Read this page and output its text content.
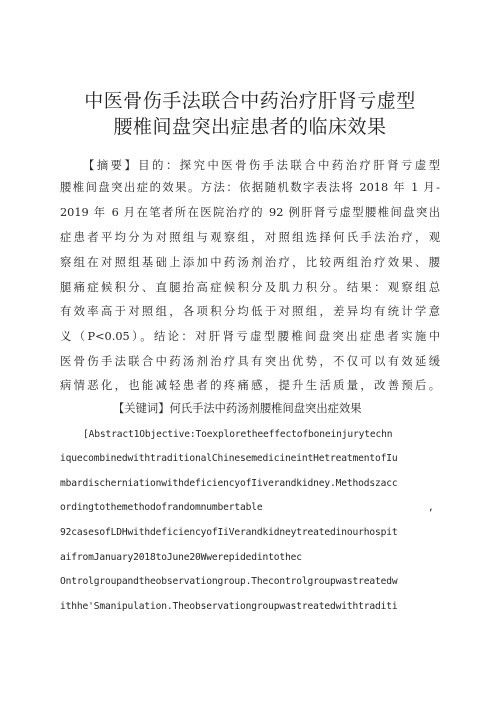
中医骨伤手法联合中药治疗肝肾亏虚型
腰椎间盘突出症患者的临床效果
【摘要】目的：探究中医骨伤手法联合中药治疗肝肾亏虚型
腰椎间盘突出症的效果。方法：依据随机数字表法将 2018 年 1 月-
2019 年 6 月在笔者所在医院治疗的 92 例肝肾亏虚型腰椎间盘突出
症患者平均分为对照组与观察组，对照组选择何氏手法治疗，观
察组在对照组基础上添加中药汤剂治疗，比较两组治疗效果、腰
腿痛症候积分、直腿抬高症候积分及肌力积分。结果：观察组总
有效率高于对照组，各项积分均低于对照组，差异均有统计学意
义（P<0.05）。结论：对肝肾亏虚型腰椎间盘突出症患者实施中
医骨伤手法联合中药汤剂治疗具有突出优势，不仅可以有效延缓
病情恶化，也能减轻患者的疼痛感，提升生活质量，改善预后。
【关键词】何氏手法中药汤剂腰椎间盘突出症效果
[Abstract1Objective:Toexploretheeffectofboneinjurytechn
iquecombinedwithtraditionalChinesemedicineintHetreatmentofIu
mbardischerniationwithdeficiencyofIiverandkidney.Methodszacc
ordingtothemethodofrandomnumbertable	,
92casesofLDHwithdeficiencyofIiVerandkidneytreatedinourhospit
aifromJanuary2018toJune20Wwerepidedintothec
Ontrolgroupandtheobservationgroup.Thecontrolgroupwastreatedw
ithhe'Smanipulation.Theobservationgroupwastreatedwithtraditi
